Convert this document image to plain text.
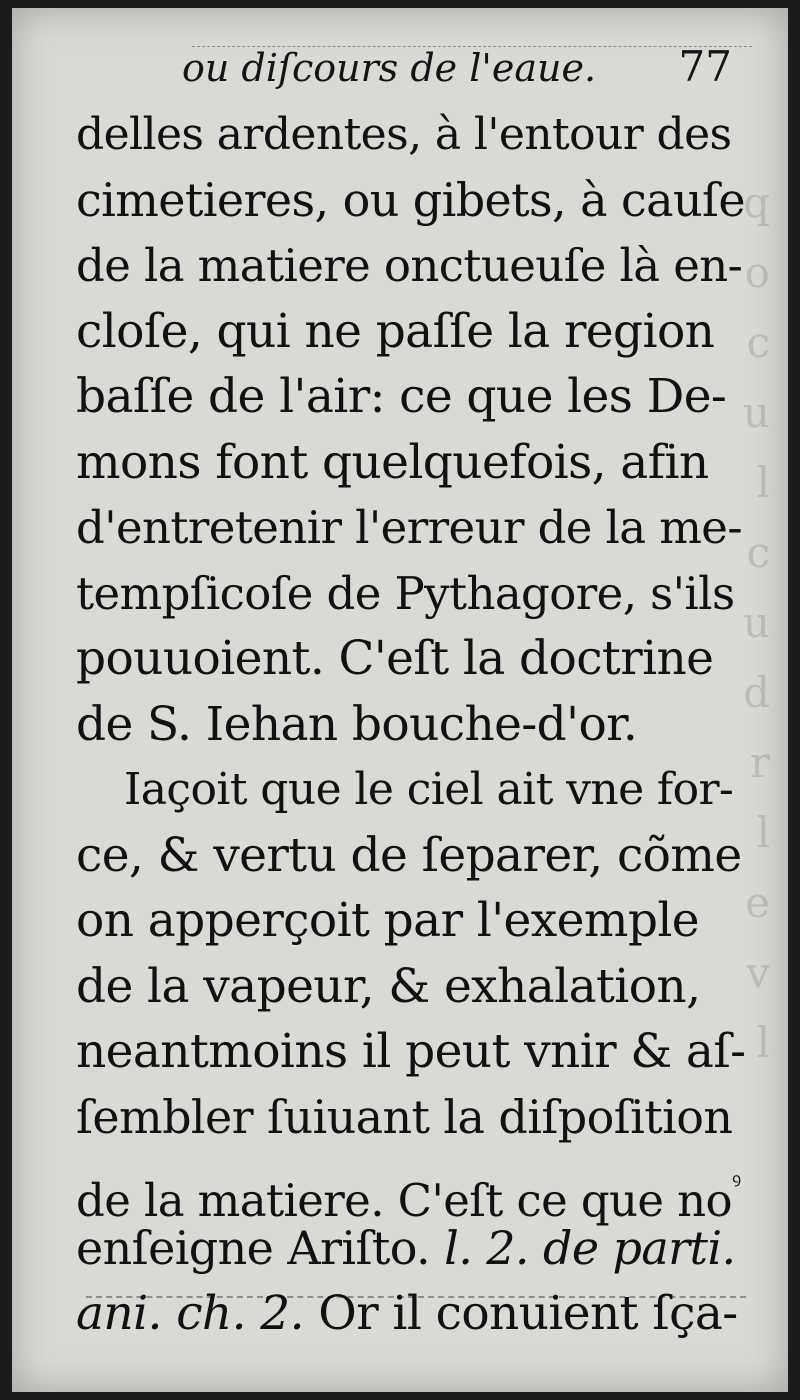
q
o
c
u
l
c
u
d
r
l
e
v
l
ou diſcours de l'eaue. 77
delles ardentes, à l'entour des
cimetieres, ou gibets, à cauſe
de la matiere onctueuſe là en-
cloſe, qui ne paſſe la region
baſſe de l'air: ce que les De-
mons font quelquefois, afin
d'entretenir l'erreur de la me-
tempſicoſe de Pythagore, s'ils
pouuoient. C'eſt la doctrine
de S. Iehan bouche-d'or.
Iaçoit que le ciel ait vne for-
ce, & vertu de ſeparer, cõme
on apperçoit par l'exemple
de la vapeur, & exhalation,
neantmoins il peut vnir & aſ-
ſembler ſuiuant la diſpoſition
de la matiere. C'eſt ce que $no^ꝰ$
enſeigne Ariſto. l. 2. de parti.
ani. ch. 2. Or il conuient ſça-
